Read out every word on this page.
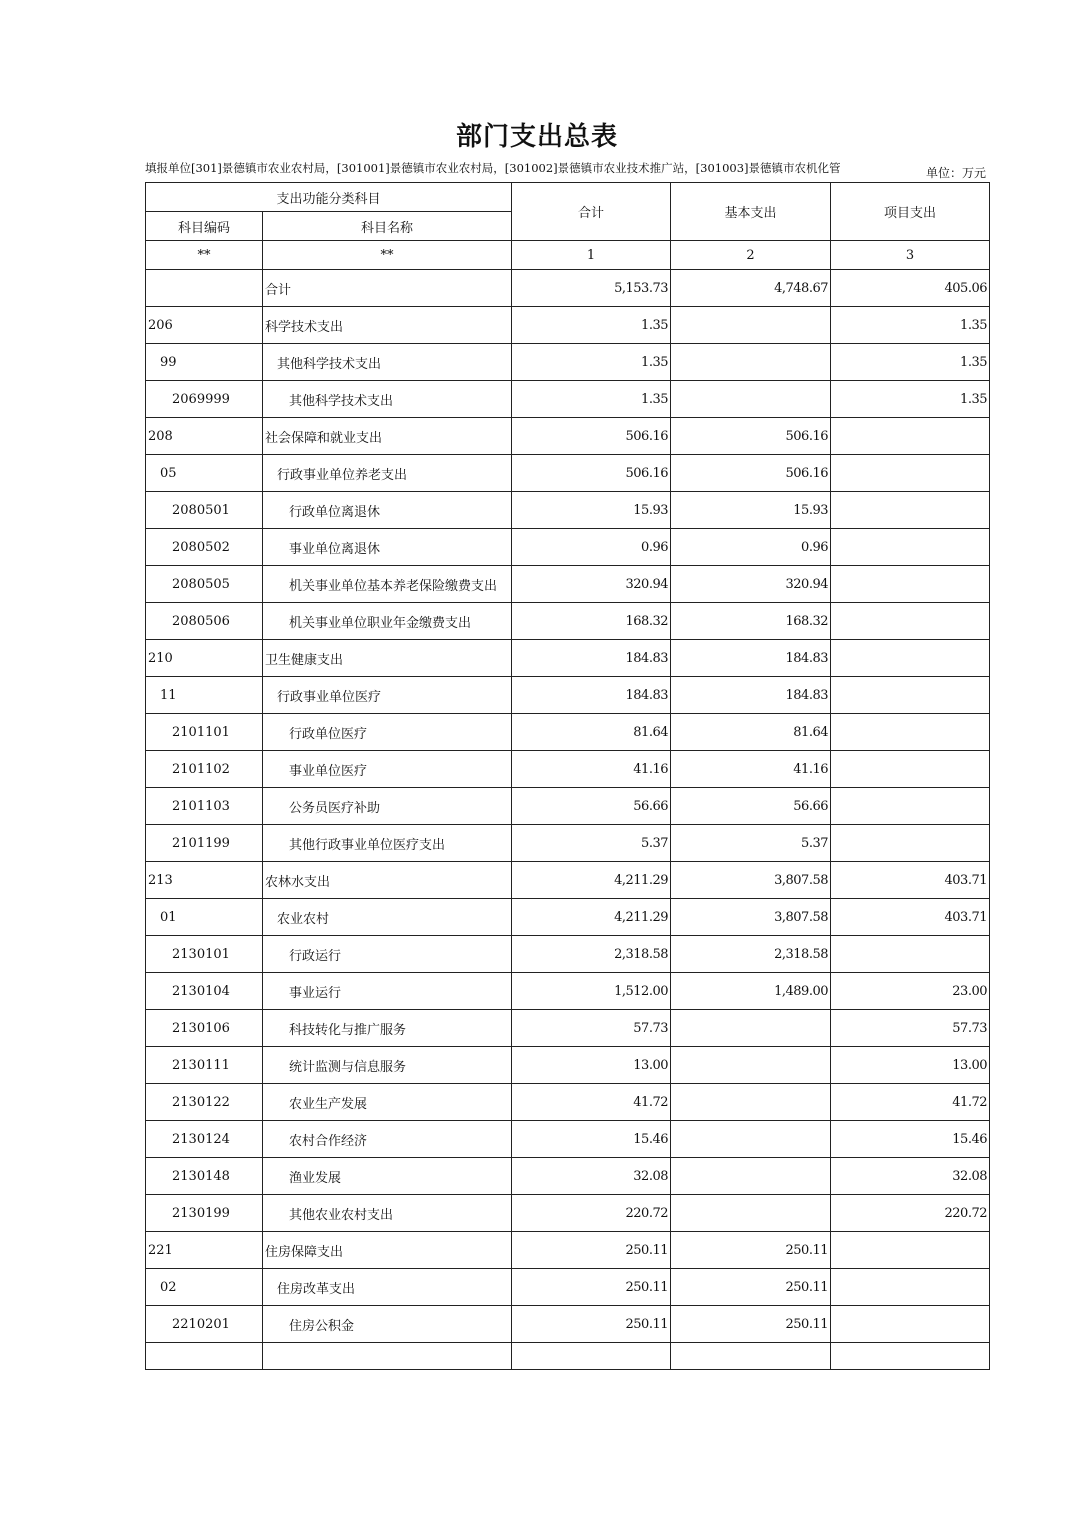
部门支出总表
填报单位[301]景德镇市农业农村局，[301001]景德镇市农业农村局，[301002]景德镇市农业技术推广站，[301003]景德镇市农机化管	单位：万元
支出功能分类科目		合计	基本支出	项目支出
科目编码	科目名称			
**	**	1	2	3
	合计	5,153.73	4,748.67	405.06
206	科学技术支出	1.35		1.35
99	其他科学技术支出	1.35		1.35
2069999	其他科学技术支出	1.35		1.35
208	社会保障和就业支出	506.16	506.16	
05	行政事业单位养老支出	506.16	506.16	
2080501	行政单位离退休	15.93	15.93	
2080502	事业单位离退休	0.96	0.96	
2080505	机关事业单位基本养老保险缴费支出	320.94	320.94	
2080506	机关事业单位职业年金缴费支出	168.32	168.32	
210	卫生健康支出	184.83	184.83	
11	行政事业单位医疗	184.83	184.83	
2101101	行政单位医疗	81.64	81.64	
2101102	事业单位医疗	41.16	41.16	
2101103	公务员医疗补助	56.66	56.66	
2101199	其他行政事业单位医疗支出	5.37	5.37	
213	农林水支出	4,211.29	3,807.58	403.71
01	农业农村	4,211.29	3,807.58	403.71
2130101	行政运行	2,318.58	2,318.58	
2130104	事业运行	1,512.00	1,489.00	23.00
2130106	科技转化与推广服务	57.73		57.73
2130111	统计监测与信息服务	13.00		13.00
2130122	农业生产发展	41.72		41.72
2130124	农村合作经济	15.46		15.46
2130148	渔业发展	32.08		32.08
2130199	其他农业农村支出	220.72		220.72
221	住房保障支出	250.11	250.11	
02	住房改革支出	250.11	250.11	
2210201	住房公积金	250.11	250.11	
